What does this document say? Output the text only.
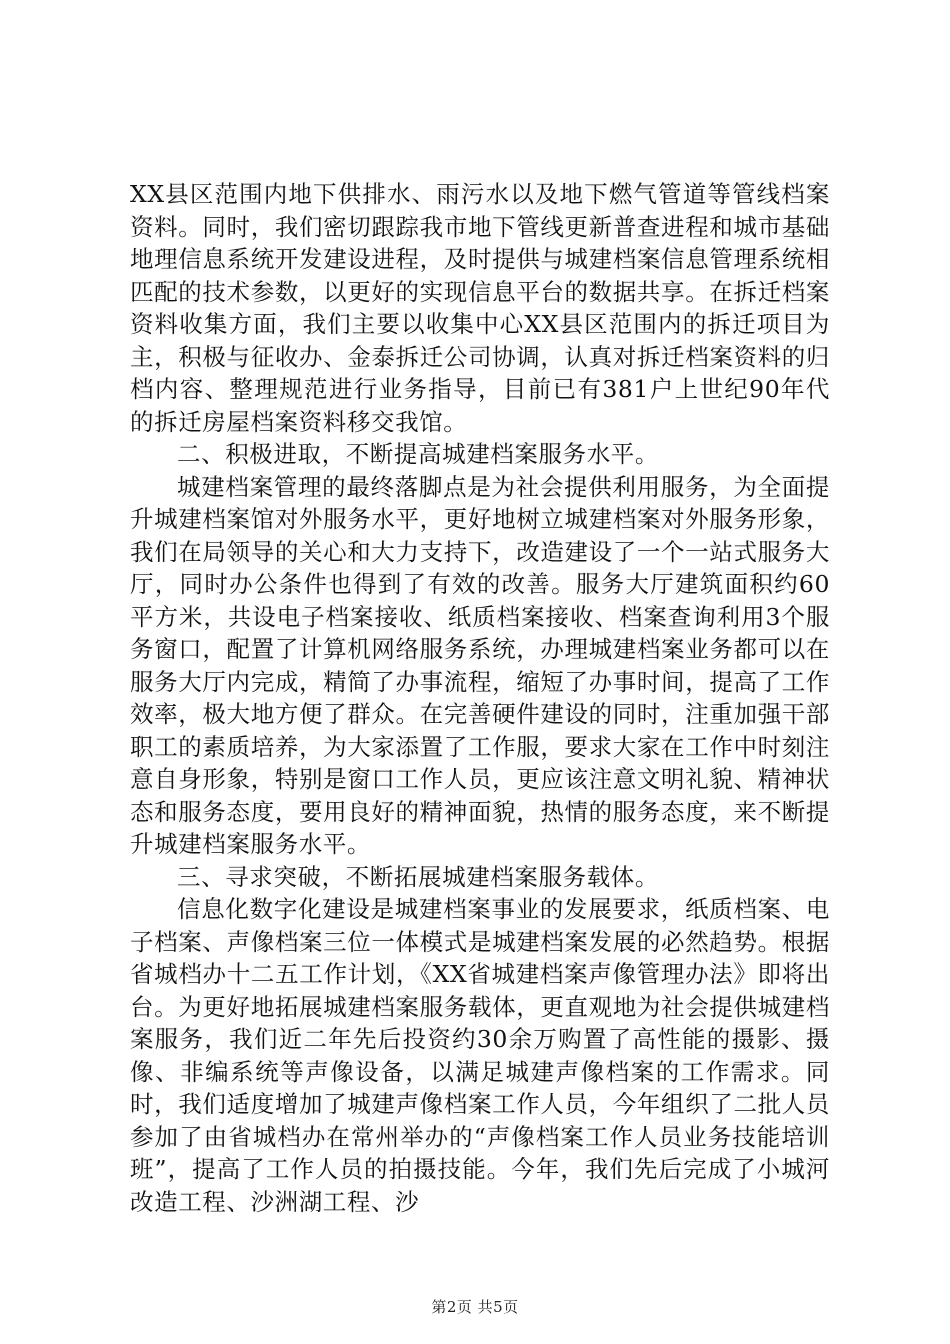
XX县区范围内地下供排水、雨污水以及地下燃气管道等管线档案资料。同时，我们密切跟踪我市地下管线更新普查进程和城市基础地理信息系统开发建设进程，及时提供与城建档案信息管理系统相匹配的技术参数，以更好的实现信息平台的数据共享。在拆迁档案资料收集方面，我们主要以收集中心XX县区范围内的拆迁项目为主，积极与征收办、金泰拆迁公司协调，认真对拆迁档案资料的归档内容、整理规范进行业务指导，目前已有381户上世纪90年代的拆迁房屋档案资料移交我馆。

二、积极进取，不断提高城建档案服务水平。

城建档案管理的最终落脚点是为社会提供利用服务，为全面提升城建档案馆对外服务水平，更好地树立城建档案对外服务形象，我们在局领导的关心和大力支持下，改造建设了一个一站式服务大厅，同时办公条件也得到了有效的改善。服务大厅建筑面积约60平方米，共设电子档案接收、纸质档案接收、档案查询利用3个服务窗口，配置了计算机网络服务系统，办理城建档案业务都可以在服务大厅内完成，精简了办事流程，缩短了办事时间，提高了工作效率，极大地方便了群众。在完善硬件建设的同时，注重加强干部职工的素质培养，为大家添置了工作服，要求大家在工作中时刻注意自身形象，特别是窗口工作人员，更应该注意文明礼貌、精神状态和服务态度，要用良好的精神面貌，热情的服务态度，来不断提升城建档案服务水平。

三、寻求突破，不断拓展城建档案服务载体。

信息化数字化建设是城建档案事业的发展要求，纸质档案、电子档案、声像档案三位一体模式是城建档案发展的必然趋势。根据省城档办十二五工作计划，《XX省城建档案声像管理办法》即将出台。为更好地拓展城建档案服务载体，更直观地为社会提供城建档案服务，我们近二年先后投资约30余万购置了高性能的摄影、摄像、非编系统等声像设备，以满足城建声像档案的工作需求。同时，我们适度增加了城建声像档案工作人员，今年组织了二批人员参加了由省城档办在常州举办的“声像档案工作人员业务技能培训班”，提高了工作人员的拍摄技能。今年，我们先后完成了小城河改造工程、沙洲湖工程、沙

第2页 共5页
